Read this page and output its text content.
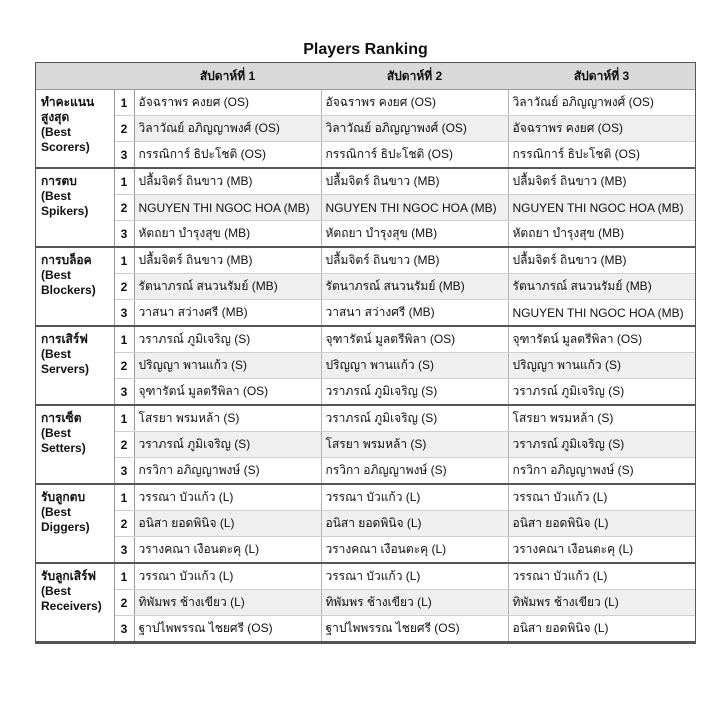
Players Ranking
		สัปดาห์ที่ 1	สัปดาห์ที่ 2	สัปดาห์ที่ 3

ทำคะแนนสูงสุด
(Best Scorers)	1	อัจฉราพร คงยศ (OS)	อัจฉราพร คงยศ (OS)	วิลาวัณย์ อภิญญาพงศ์ (OS)
	2	วิลาวัณย์ อภิญญาพงศ์ (OS)	วิลาวัณย์ อภิญญาพงศ์ (OS)	อัจฉราพร คงยศ (OS)
	3	กรรณิการ์ ธิปะโชติ (OS)	กรรณิการ์ ธิปะโชติ (OS)	กรรณิการ์ ธิปะโชติ (OS)

การตบ
(Best Spikers)	1	ปลื้มจิตร์ ถินขาว (MB)	ปลื้มจิตร์ ถินขาว (MB)	ปลื้มจิตร์ ถินขาว (MB)
	2	NGUYEN THI NGOC HOA (MB)	NGUYEN THI NGOC HOA (MB)	NGUYEN THI NGOC HOA (MB)
	3	หัตถยา บำรุงสุข (MB)	หัตถยา บำรุงสุข (MB)	หัตถยา บำรุงสุข (MB)

การบล็อค
(Best Blockers)	1	ปลื้มจิตร์ ถินขาว (MB)	ปลื้มจิตร์ ถินขาว (MB)	ปลื้มจิตร์ ถินขาว (MB)
	2	รัตนาภรณ์ สนวนรัมย์ (MB)	รัตนาภรณ์ สนวนรัมย์ (MB)	รัตนาภรณ์ สนวนรัมย์ (MB)
	3	วาสนา สว่างศรี (MB)	วาสนา สว่างศรี (MB)	NGUYEN THI NGOC HOA (MB)

การเสิร์ฟ
(Best Servers)	1	วราภรณ์ ภูมิเจริญ (S)	จุฑารัตน์ มูลตรีพิลา (OS)	จุฑารัตน์ มูลตรีพิลา (OS)
	2	ปริญญา พานแก้ว (S)	ปริญญา พานแก้ว (S)	ปริญญา พานแก้ว (S)
	3	จุฑารัตน์ มูลตรีพิลา (OS)	วราภรณ์ ภูมิเจริญ (S)	วราภรณ์ ภูมิเจริญ (S)

การเซ็ต
(Best Setters)	1	โสรยา พรมหล้า (S)	วราภรณ์ ภูมิเจริญ (S)	โสรยา พรมหล้า (S)
	2	วราภรณ์ ภูมิเจริญ (S)	โสรยา พรมหล้า (S)	วราภรณ์ ภูมิเจริญ (S)
	3	กรวิกา อภิญญาพงษ์ (S)	กรวิกา อภิญญาพงษ์ (S)	กรวิกา อภิญญาพงษ์ (S)

รับลูกตบ
(Best Diggers)	1	วรรณา บัวแก้ว (L)	วรรณา บัวแก้ว (L)	วรรณา บัวแก้ว (L)
	2	อนิสา ยอดพินิจ (L)	อนิสา ยอดพินิจ (L)	อนิสา ยอดพินิจ (L)
	3	วรางคณา เงือนตะคุ (L)	วรางคณา เงือนตะคุ (L)	วรางคณา เงือนตะคุ (L)

รับลูกเสิร์ฟ
(Best Receivers)	1	วรรณา บัวแก้ว (L)	วรรณา บัวแก้ว (L)	วรรณา บัวแก้ว (L)
	2	ทิพัมพร ช้างเขียว (L)	ทิพัมพร ช้างเขียว (L)	ทิพัมพร ช้างเขียว (L)
	3	ฐาปไพพรรณ ไชยศรี (OS)	ฐาปไพพรรณ ไชยศรี (OS)	อนิสา ยอดพินิจ (L)
